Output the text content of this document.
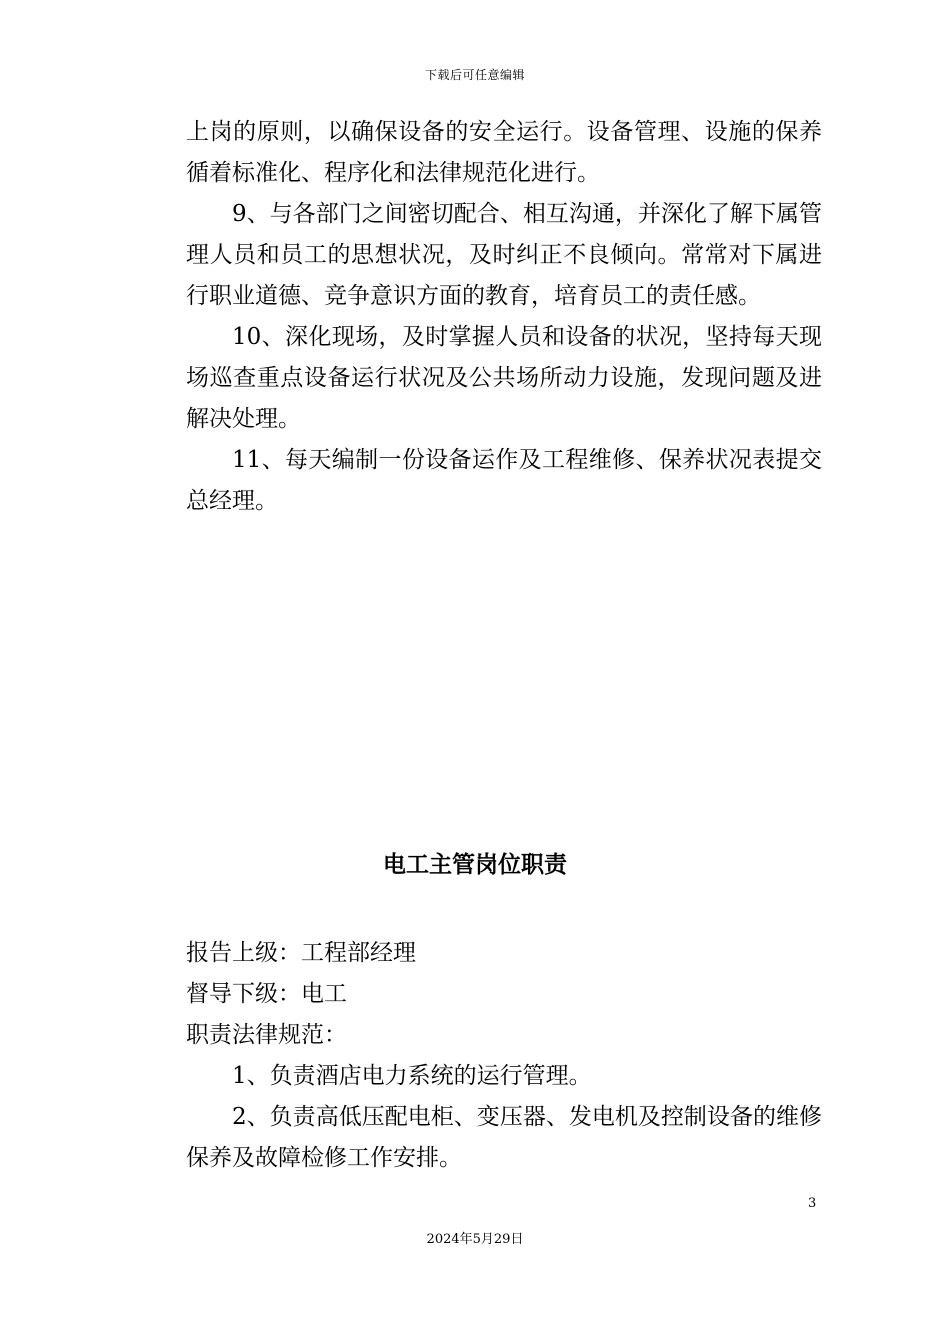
下载后可任意编辑

上岗的原则，以确保设备的安全运行。设备管理、设施的保养循着标准化、程序化和法律规范化进行。

9、与各部门之间密切配合、相互沟通，并深化了解下属管理人员和员工的思想状况，及时纠正不良倾向。常常对下属进行职业道德、竞争意识方面的教育，培育员工的责任感。

10、深化现场，及时掌握人员和设备的状况，坚持每天现场巡查重点设备运行状况及公共场所动力设施，发现问题及进解决处理。

11、每天编制一份设备运作及工程维修、保养状况表提交总经理。

电工主管岗位职责

报告上级：工程部经理

督导下级：电工

职责法律规范：

1、负责酒店电力系统的运行管理。

2、负责高低压配电柜、变压器、发电机及控制设备的维修保养及故障检修工作安排。

3
2024年5月29日
